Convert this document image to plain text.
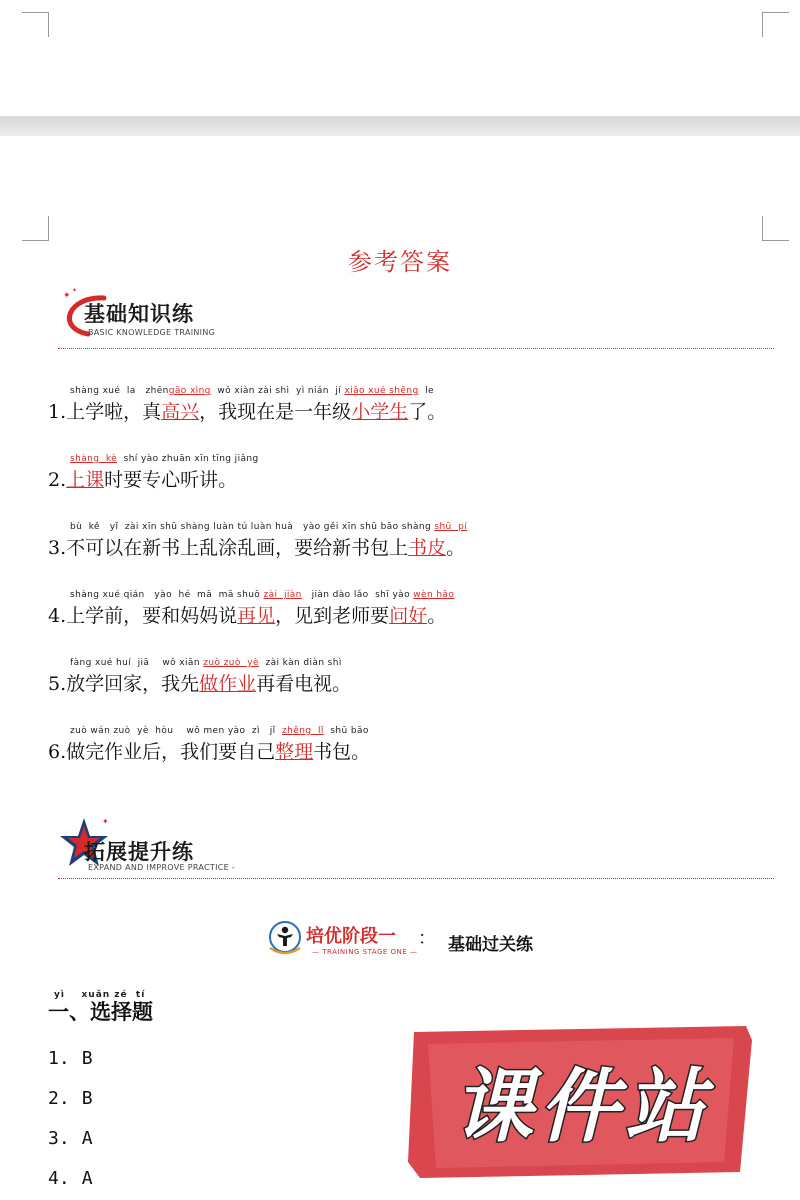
参考答案
✦
✦
基础知识练
BASIC KNOWLEDGE TRAINING
shàng xué  la   zhēngāo xìng  wǒ xiàn zài shì  yì nián  jí xiǎo xué shēng  le
1.上学啦，真高兴，我现在是一年级小学生了。
shàng  kè  shí yào zhuān xīn tīng jiǎng
2.上课时要专心听讲。
bù  kě   yǐ  zài xīn shū shàng luàn tú luàn huà   yào gěi xīn shū bāo shàng shū  pí
3.不可以在新书上乱涂乱画，要给新书包上书皮。
shàng xué qián   yào  hé  mā  mā shuō zài  jiàn   jiàn dào lǎo  shī yào wèn hǎo
4.上学前，要和妈妈说再见，见到老师要问好。
fàng xué huí  jiā    wǒ xiān zuò zuò  yè  zài kàn diàn shì
5.放学回家，我先做作业再看电视。
zuò wán zuò  yè  hòu    wǒ men yào  zì   jǐ  zhěng  lǐ  shū bāo
6.做完作业后，我们要自己整理书包。
✦
拓展提升练
EXPAND AND IMPROVE PRACTICE -
培优阶段一
— TRAINING STAGE ONE —
： 基础过关练
yì    xuǎn zé  tí
一、选择题
1. B
2. B
3. A
4. A
课件站
